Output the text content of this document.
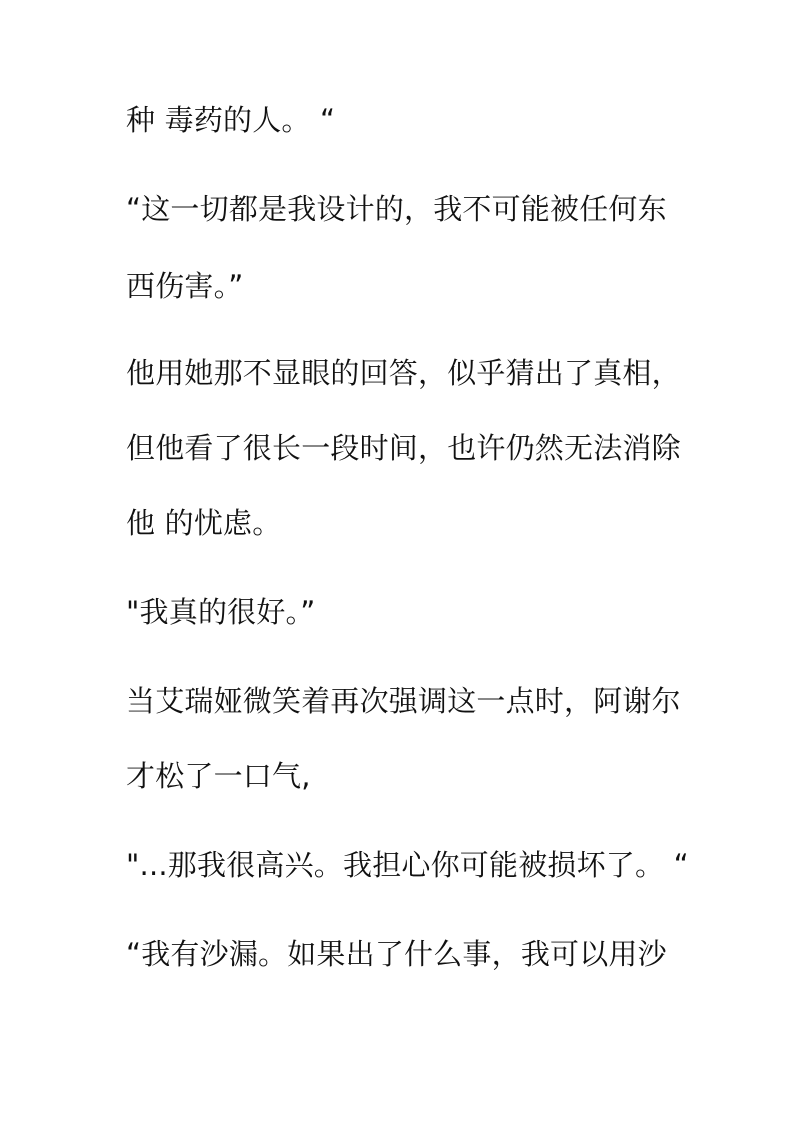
种 毒药的人。 “
“这一切都是我设计的，我不可能被任何东
西伤害。”
他用她那不显眼的回答，似乎猜出了真相，
但他看了很长一段时间，也许仍然无法消除
他 的忧虑。
"我真的很好。”
当艾瑞娅微笑着再次强调这一点时，阿谢尔
才松了一口气,
"...那我很高兴。我担心你可能被损坏了。 “
“我有沙漏。如果出了什么事，我可以用沙
